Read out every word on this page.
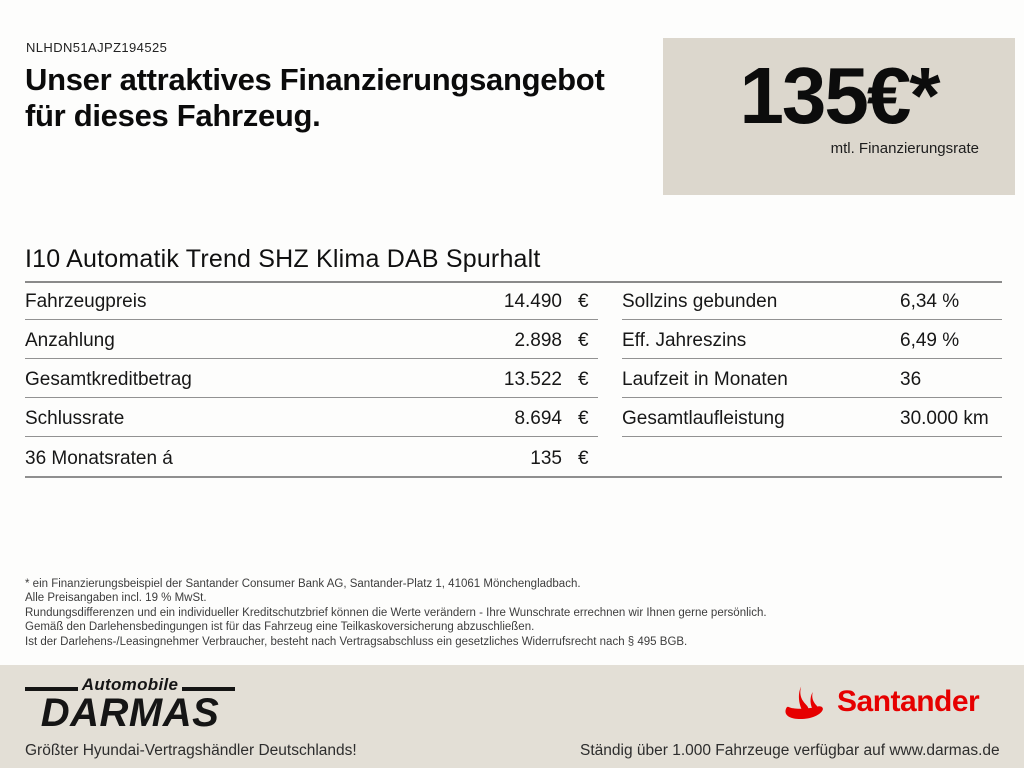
NLHDN51AJPZ194525
Unser attraktives Finanzierungsangebot
für dieses Fahrzeug.	135€*
mtl. Finanzierungsrate
I10 Automatik Trend SHZ Klima DAB Spurhalt
Fahrzeugpreis	14.490 €
Anzahlung	2.898 €
Gesamtkreditbetrag	13.522 €
Schlussrate	8.694 €
36 Monatsraten á	135 €
Sollzins gebunden	6,34 %
Eff. Jahreszins	6,49 %
Laufzeit in Monaten	36
Gesamtlaufleistung	30.000 km
* ein Finanzierungsbeispiel der Santander Consumer Bank AG, Santander-Platz 1, 41061 Mönchengladbach.
Alle Preisangaben incl. 19 % MwSt.
Rundungsdifferenzen und ein individueller Kreditschutzbrief können die Werte verändern - Ihre Wunschrate errechnen wir Ihnen gerne persönlich.
Gemäß den Darlehensbedingungen ist für das Fahrzeug eine Teilkaskoversicherung abzuschließen.
Ist der Darlehens-/Leasingnehmer Verbraucher, besteht nach Vertragsabschluss ein gesetzliches Widerrufsrecht nach § 495 BGB.
Automobile
DARMAS
Größter Hyundai-Vertragshändler Deutschlands!
Santander
Ständig über 1.000 Fahrzeuge verfügbar auf www.darmas.de
